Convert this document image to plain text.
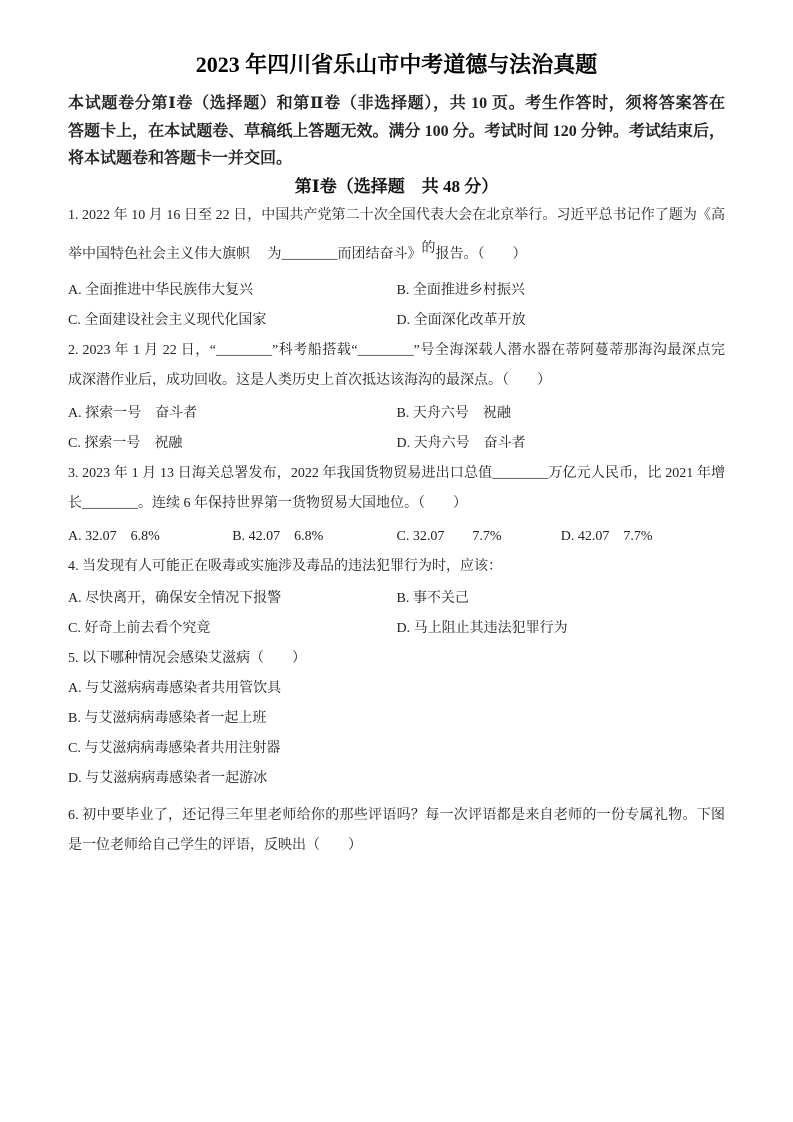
2023 年四川省乐山市中考道德与法治真题
本试题卷分第Ⅰ卷（选择题）和第Ⅱ卷（非选择题），共 10 页。考生作答时，须将答案答在
答题卡上，在本试题卷、草稿纸上答题无效。满分 100 分。考试时间 120 分钟。考试结束后，
将本试题卷和答题卡一并交回。
第Ⅰ卷（选择题　共 48 分）
1. 2022 年 10 月 16 日至 22 日，中国共产党第二十次全国代表大会在北京举行。习近平总书记作了题为《高
举中国特色社会主义伟大旗帜　 为________而团结奋斗》的报告。（　　）
A. 全面推进中华民族伟大复兴	B. 全面推进乡村振兴
C. 全面建设社会主义现代化国家	D. 全面深化改革开放
2. 2023 年 1 月 22 日，“________”科考船搭载“________”号全海深载人潜水器在蒂阿蔓蒂那海沟最深点完
成深潜作业后，成功回收。这是人类历史上首次抵达该海沟的最深点。（　　）
A. 探索一号　奋斗者	B. 天舟六号　祝融
C. 探索一号　祝融	D. 天舟六号　奋斗者
3. 2023 年 1 月 13 日海关总署发布，2022 年我国货物贸易进出口总值________万亿元人民币，比 2021 年增
长________。连续 6 年保持世界第一货物贸易大国地位。（　　）
A. 32.07　6.8%	B. 42.07　6.8%	C. 32.07　　7.7%	D. 42.07　7.7%
4. 当发现有人可能正在吸毒或实施涉及毒品的违法犯罪行为时，应该：
A. 尽快离开，确保安全情况下报警	B. 事不关己
C. 好奇上前去看个究竟	D. 马上阻止其违法犯罪行为
5. 以下哪种情况会感染艾滋病（　　）
A. 与艾滋病病毒感染者共用管饮具
B. 与艾滋病病毒感染者一起上班
C. 与艾滋病病毒感染者共用注射器
D. 与艾滋病病毒感染者一起游冰
6. 初中要毕业了，还记得三年里老师给你的那些评语吗？每一次评语都是来自老师的一份专属礼物。下图
是一位老师给自己学生的评语，反映出（　　）
